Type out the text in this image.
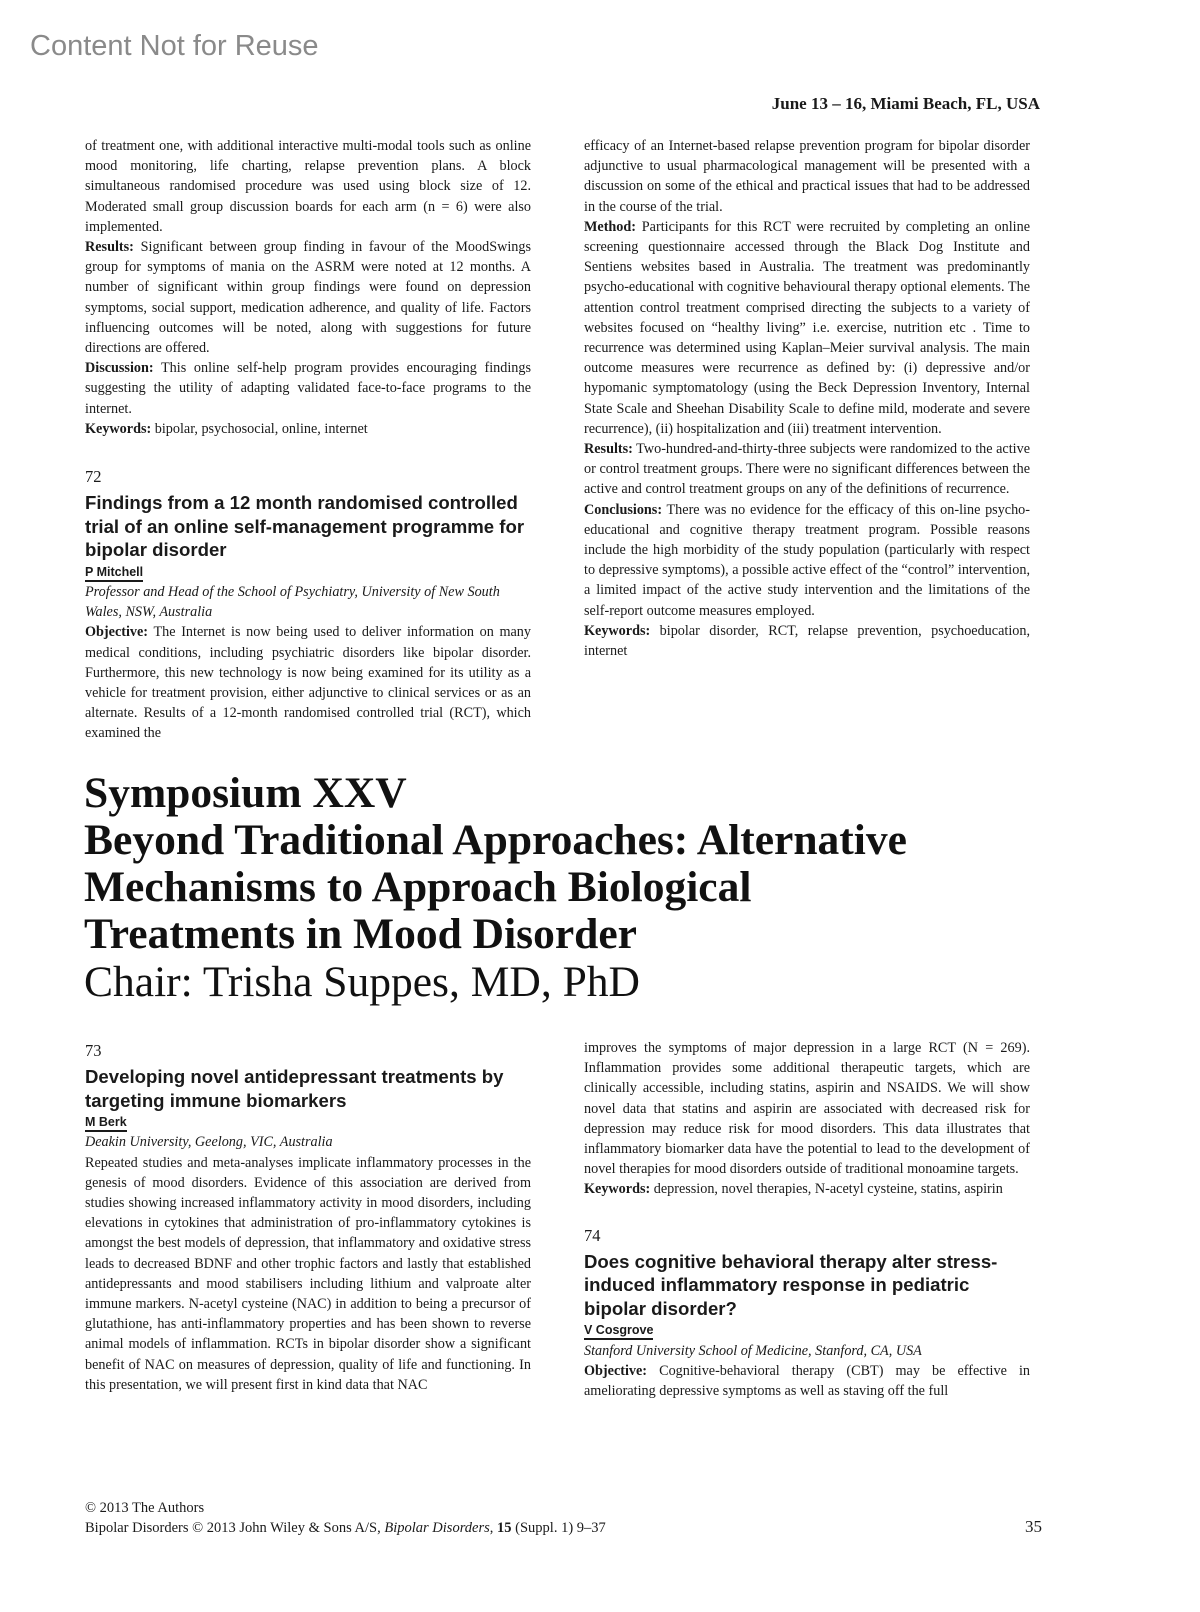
Content Not for Reuse
June 13 – 16, Miami Beach, FL, USA

of treatment one, with additional interactive multi-modal tools such as online mood monitoring, life charting, relapse prevention plans. A block simultaneous randomised procedure was used using block size of 12. Moderated small group discussion boards for each arm (n = 6) were also implemented.

Results: Significant between group finding in favour of the MoodSwings group for symptoms of mania on the ASRM were noted at 12 months. A number of significant within group findings were found on depression symptoms, social support, medication adherence, and quality of life. Factors influencing outcomes will be noted, along with suggestions for future directions are offered.

Discussion: This online self-help program provides encouraging findings suggesting the utility of adapting validated face-to-face programs to the internet.

Keywords: bipolar, psychosocial, online, internet

72
Findings from a 12 month randomised controlled trial of an online self-management programme for bipolar disorder
P Mitchell

Professor and Head of the School of Psychiatry, University of New South Wales, NSW, Australia

Objective: The Internet is now being used to deliver information on many medical conditions, including psychiatric disorders like bipolar disorder. Furthermore, this new technology is now being examined for its utility as a vehicle for treatment provision, either adjunctive to clinical services or as an alternate. Results of a 12-month randomised controlled trial (RCT), which examined the

efficacy of an Internet-based relapse prevention program for bipolar disorder adjunctive to usual pharmacological management will be presented with a discussion on some of the ethical and practical issues that had to be addressed in the course of the trial.

Method: Participants for this RCT were recruited by completing an online screening questionnaire accessed through the Black Dog Institute and Sentiens websites based in Australia. The treatment was predominantly psycho-educational with cognitive behavioural therapy optional elements. The attention control treatment comprised directing the subjects to a variety of websites focused on “healthy living” i.e. exercise, nutrition etc . Time to recurrence was determined using Kaplan–Meier survival analysis. The main outcome measures were recurrence as defined by: (i) depressive and/or hypomanic symptomatology (using the Beck Depression Inventory, Internal State Scale and Sheehan Disability Scale to define mild, moderate and severe recurrence), (ii) hospitalization and (iii) treatment intervention.

Results: Two-hundred-and-thirty-three subjects were randomized to the active or control treatment groups. There were no significant differences between the active and control treatment groups on any of the definitions of recurrence.

Conclusions: There was no evidence for the efficacy of this on-line psycho-educational and cognitive therapy treatment program. Possible reasons include the high morbidity of the study population (particularly with respect to depressive symptoms), a possible active effect of the “control” intervention, a limited impact of the active study intervention and the limitations of the self-report outcome measures employed.

Keywords: bipolar disorder, RCT, relapse prevention, psychoeducation, internet

Symposium XXV
Beyond Traditional Approaches: Alternative
Mechanisms to Approach Biological
Treatments in Mood Disorder
Chair: Trisha Suppes, MD, PhD
73
Developing novel antidepressant treatments by targeting immune biomarkers
M Berk

Deakin University, Geelong, VIC, Australia

Repeated studies and meta-analyses implicate inflammatory processes in the genesis of mood disorders. Evidence of this association are derived from studies showing increased inflammatory activity in mood disorders, including elevations in cytokines that administration of pro-inflammatory cytokines is amongst the best models of depression, that inflammatory and oxidative stress leads to decreased BDNF and other trophic factors and lastly that established antidepressants and mood stabilisers including lithium and valproate alter immune markers. N-acetyl cysteine (NAC) in addition to being a precursor of glutathione, has anti-inflammatory properties and has been shown to reverse animal models of inflammation. RCTs in bipolar disorder show a significant benefit of NAC on measures of depression, quality of life and functioning. In this presentation, we will present first in kind data that NAC

improves the symptoms of major depression in a large RCT (N = 269). Inflammation provides some additional therapeutic targets, which are clinically accessible, including statins, aspirin and NSAIDS. We will show novel data that statins and aspirin are associated with decreased risk for depression may reduce risk for mood disorders. This data illustrates that inflammatory biomarker data have the potential to lead to the development of novel therapies for mood disorders outside of traditional monoamine targets.

Keywords: depression, novel therapies, N-acetyl cysteine, statins, aspirin

74
Does cognitive behavioral therapy alter stress-induced inflammatory response in pediatric bipolar disorder?
V Cosgrove

Stanford University School of Medicine, Stanford, CA, USA

Objective: Cognitive-behavioral therapy (CBT) may be effective in ameliorating depressive symptoms as well as staving off the full

© 2013 The Authors
Bipolar Disorders © 2013 John Wiley & Sons A/S, Bipolar Disorders, 15 (Suppl. 1) 9–37	35
